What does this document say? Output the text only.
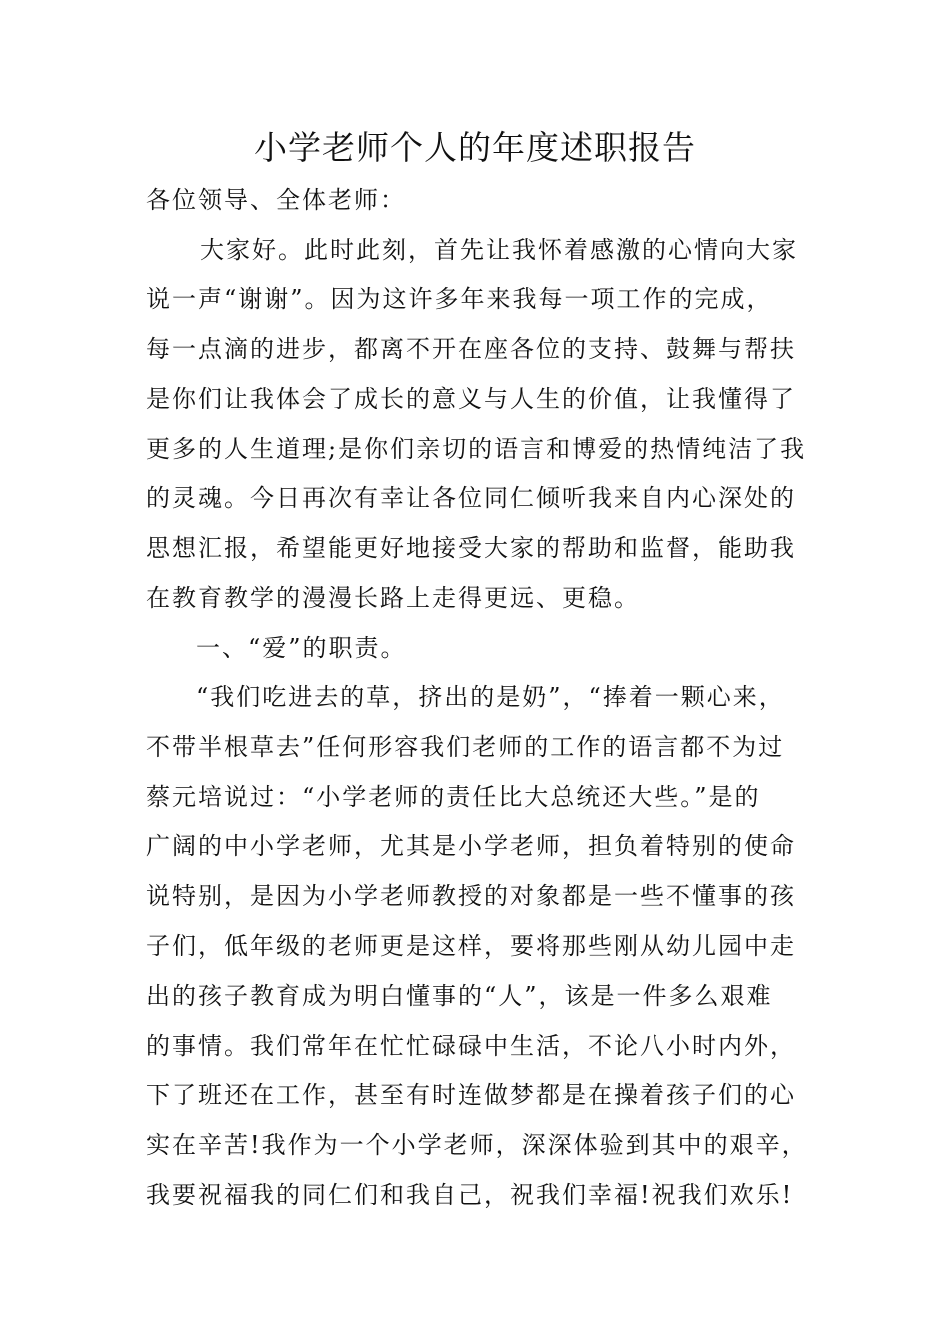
小学老师个人的年度述职报告
各位领导、全体老师：
大家好。此时此刻，首先让我怀着感激的心情向大家
说一声“谢谢”。因为这许多年来我每一项工作的完成，
每一点滴的进步，都离不开在座各位的支持、鼓舞与帮扶
是你们让我体会了成长的意义与人生的价值，让我懂得了
更多的人生道理;是你们亲切的语言和博爱的热情纯洁了我
的灵魂。今日再次有幸让各位同仁倾听我来自内心深处的
思想汇报，希望能更好地接受大家的帮助和监督，能助我
在教育教学的漫漫长路上走得更远、更稳。
一、“爱”的职责。
“我们吃进去的草，挤出的是奶”，“捧着一颗心来，
不带半根草去”任何形容我们老师的工作的语言都不为过
蔡元培说过：“小学老师的责任比大总统还大些。”是的
广阔的中小学老师，尤其是小学老师，担负着特别的使命
说特别，是因为小学老师教授的对象都是一些不懂事的孩
子们，低年级的老师更是这样，要将那些刚从幼儿园中走
出的孩子教育成为明白懂事的“人”，该是一件多么艰难
的事情。我们常年在忙忙碌碌中生活，不论八小时内外，
下了班还在工作，甚至有时连做梦都是在操着孩子们的心
实在辛苦!我作为一个小学老师，深深体验到其中的艰辛，
我要祝福我的同仁们和我自己，祝我们幸福!祝我们欢乐!
